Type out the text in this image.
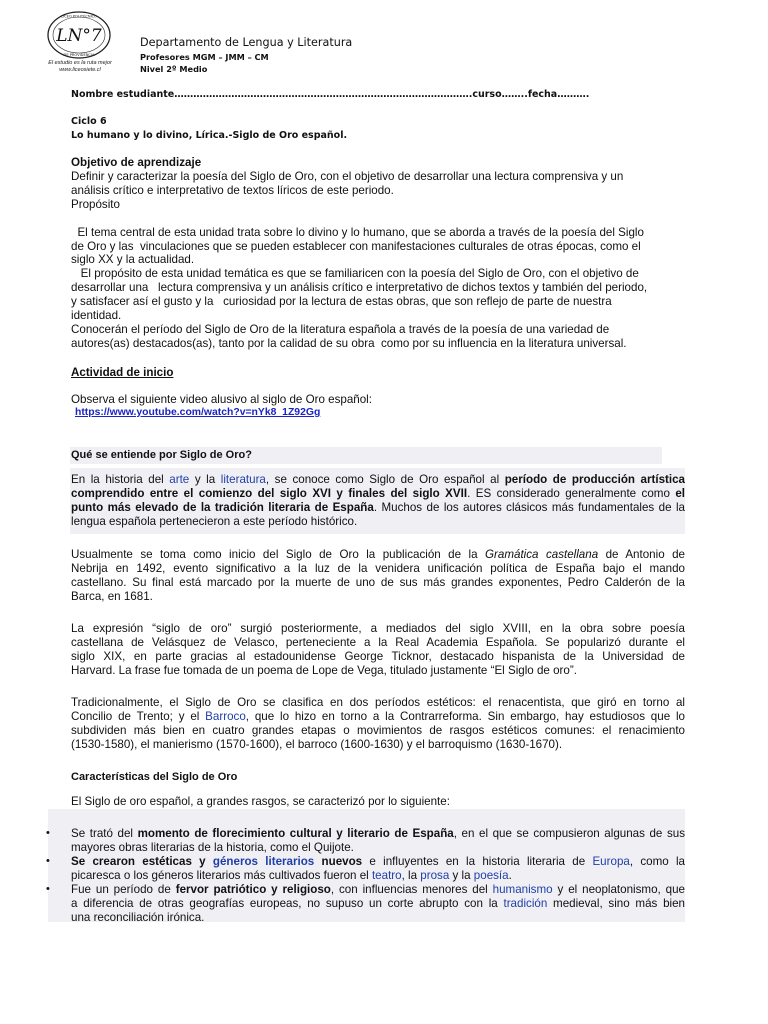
LN°7
LICEO POLITÉCNICO
DE PROVIDENCIA
El estudio es la ruta mejor
www.liceosiete.cl
Departamento de Lengua y Literatura
Profesores MGM – JMM – CM
Nivel 2º Medio
Nombre estudiante………………………………………………………………………………….curso……..fecha……….
Ciclo 6
Lo humano y lo divino, Lírica.-Siglo de Oro español.
Objetivo de aprendizaje
Definir y caracterizar la poesía del Siglo de Oro, con el objetivo de desarrollar una lectura comprensiva y un
análisis crítico e interpretativo de textos líricos de este periodo.
Propósito
El tema central de esta unidad trata sobre lo divino y lo humano, que se aborda a través de la poesía del Siglo
de Oro y las  vinculaciones que se pueden establecer con manifestaciones culturales de otras épocas, como el
siglo XX y la actualidad.
El propósito de esta unidad temática es que se familiaricen con la poesía del Siglo de Oro, con el objetivo de
desarrollar una   lectura comprensiva y un análisis crítico e interpretativo de dichos textos y también del periodo,
y satisfacer así el gusto y la   curiosidad por la lectura de estas obras, que son reflejo de parte de nuestra
identidad.
Conocerán el período del Siglo de Oro de la literatura española a través de la poesía de una variedad de
autores(as) destacados(as), tanto por la calidad de su obra  como por su influencia en la literatura universal.
Actividad de inicio
Observa el siguiente video alusivo al siglo de Oro español:
https://www.youtube.com/watch?v=nYk8_1Z92Gg
Qué se entiende por Siglo de Oro?
En la historia del arte y la literatura, se conoce como Siglo de Oro español al período de producción artística
comprendido entre el comienzo del siglo XVI y finales del siglo XVII. ES considerado generalmente como el
punto más elevado de la tradición literaria de España. Muchos de los autores clásicos más fundamentales de la
lengua española pertenecieron a este período histórico.
Usualmente se toma como inicio del Siglo de Oro la publicación de la Gramática castellana de Antonio de
Nebrija en 1492, evento significativo a la luz de la venidera unificación política de España bajo el mando
castellano. Su final está marcado por la muerte de uno de sus más grandes exponentes, Pedro Calderón de la
Barca, en 1681.
La expresión “siglo de oro” surgió posteriormente, a mediados del siglo XVIII, en la obra sobre poesía
castellana de Velásquez de Velasco, perteneciente a la Real Academia Española. Se popularizó durante el
siglo XIX, en parte gracias al estadounidense George Ticknor, destacado hispanista de la Universidad de
Harvard. La frase fue tomada de un poema de Lope de Vega, titulado justamente “El Siglo de oro”.
Tradicionalmente, el Siglo de Oro se clasifica en dos períodos estéticos: el renacentista, que giró en torno al
Concilio de Trento; y el Barroco, que lo hizo en torno a la Contrarreforma. Sin embargo, hay estudiosos que lo
subdividen más bien en cuatro grandes etapas o movimientos de rasgos estéticos comunes: el renacimiento
(1530-1580), el manierismo (1570-1600), el barroco (1600-1630) y el barroquismo (1630-1670).
Características del Siglo de Oro
El Siglo de oro español, a grandes rasgos, se caracterizó por lo siguiente:
• Se trató del momento de florecimiento cultural y literario de España, en el que se compusieron algunas de sus
mayores obras literarias de la historia, como el Quijote.
• Se crearon estéticas y géneros literarios nuevos e influyentes en la historia literaria de Europa, como la
picaresca o los géneros literarios más cultivados fueron el teatro, la prosa y la poesía.
• Fue un período de fervor patriótico y religioso, con influencias menores del humanismo y el neoplatonismo, que
a diferencia de otras geografías europeas, no supuso un corte abrupto con la tradición medieval, sino más bien
una reconciliación irónica.
